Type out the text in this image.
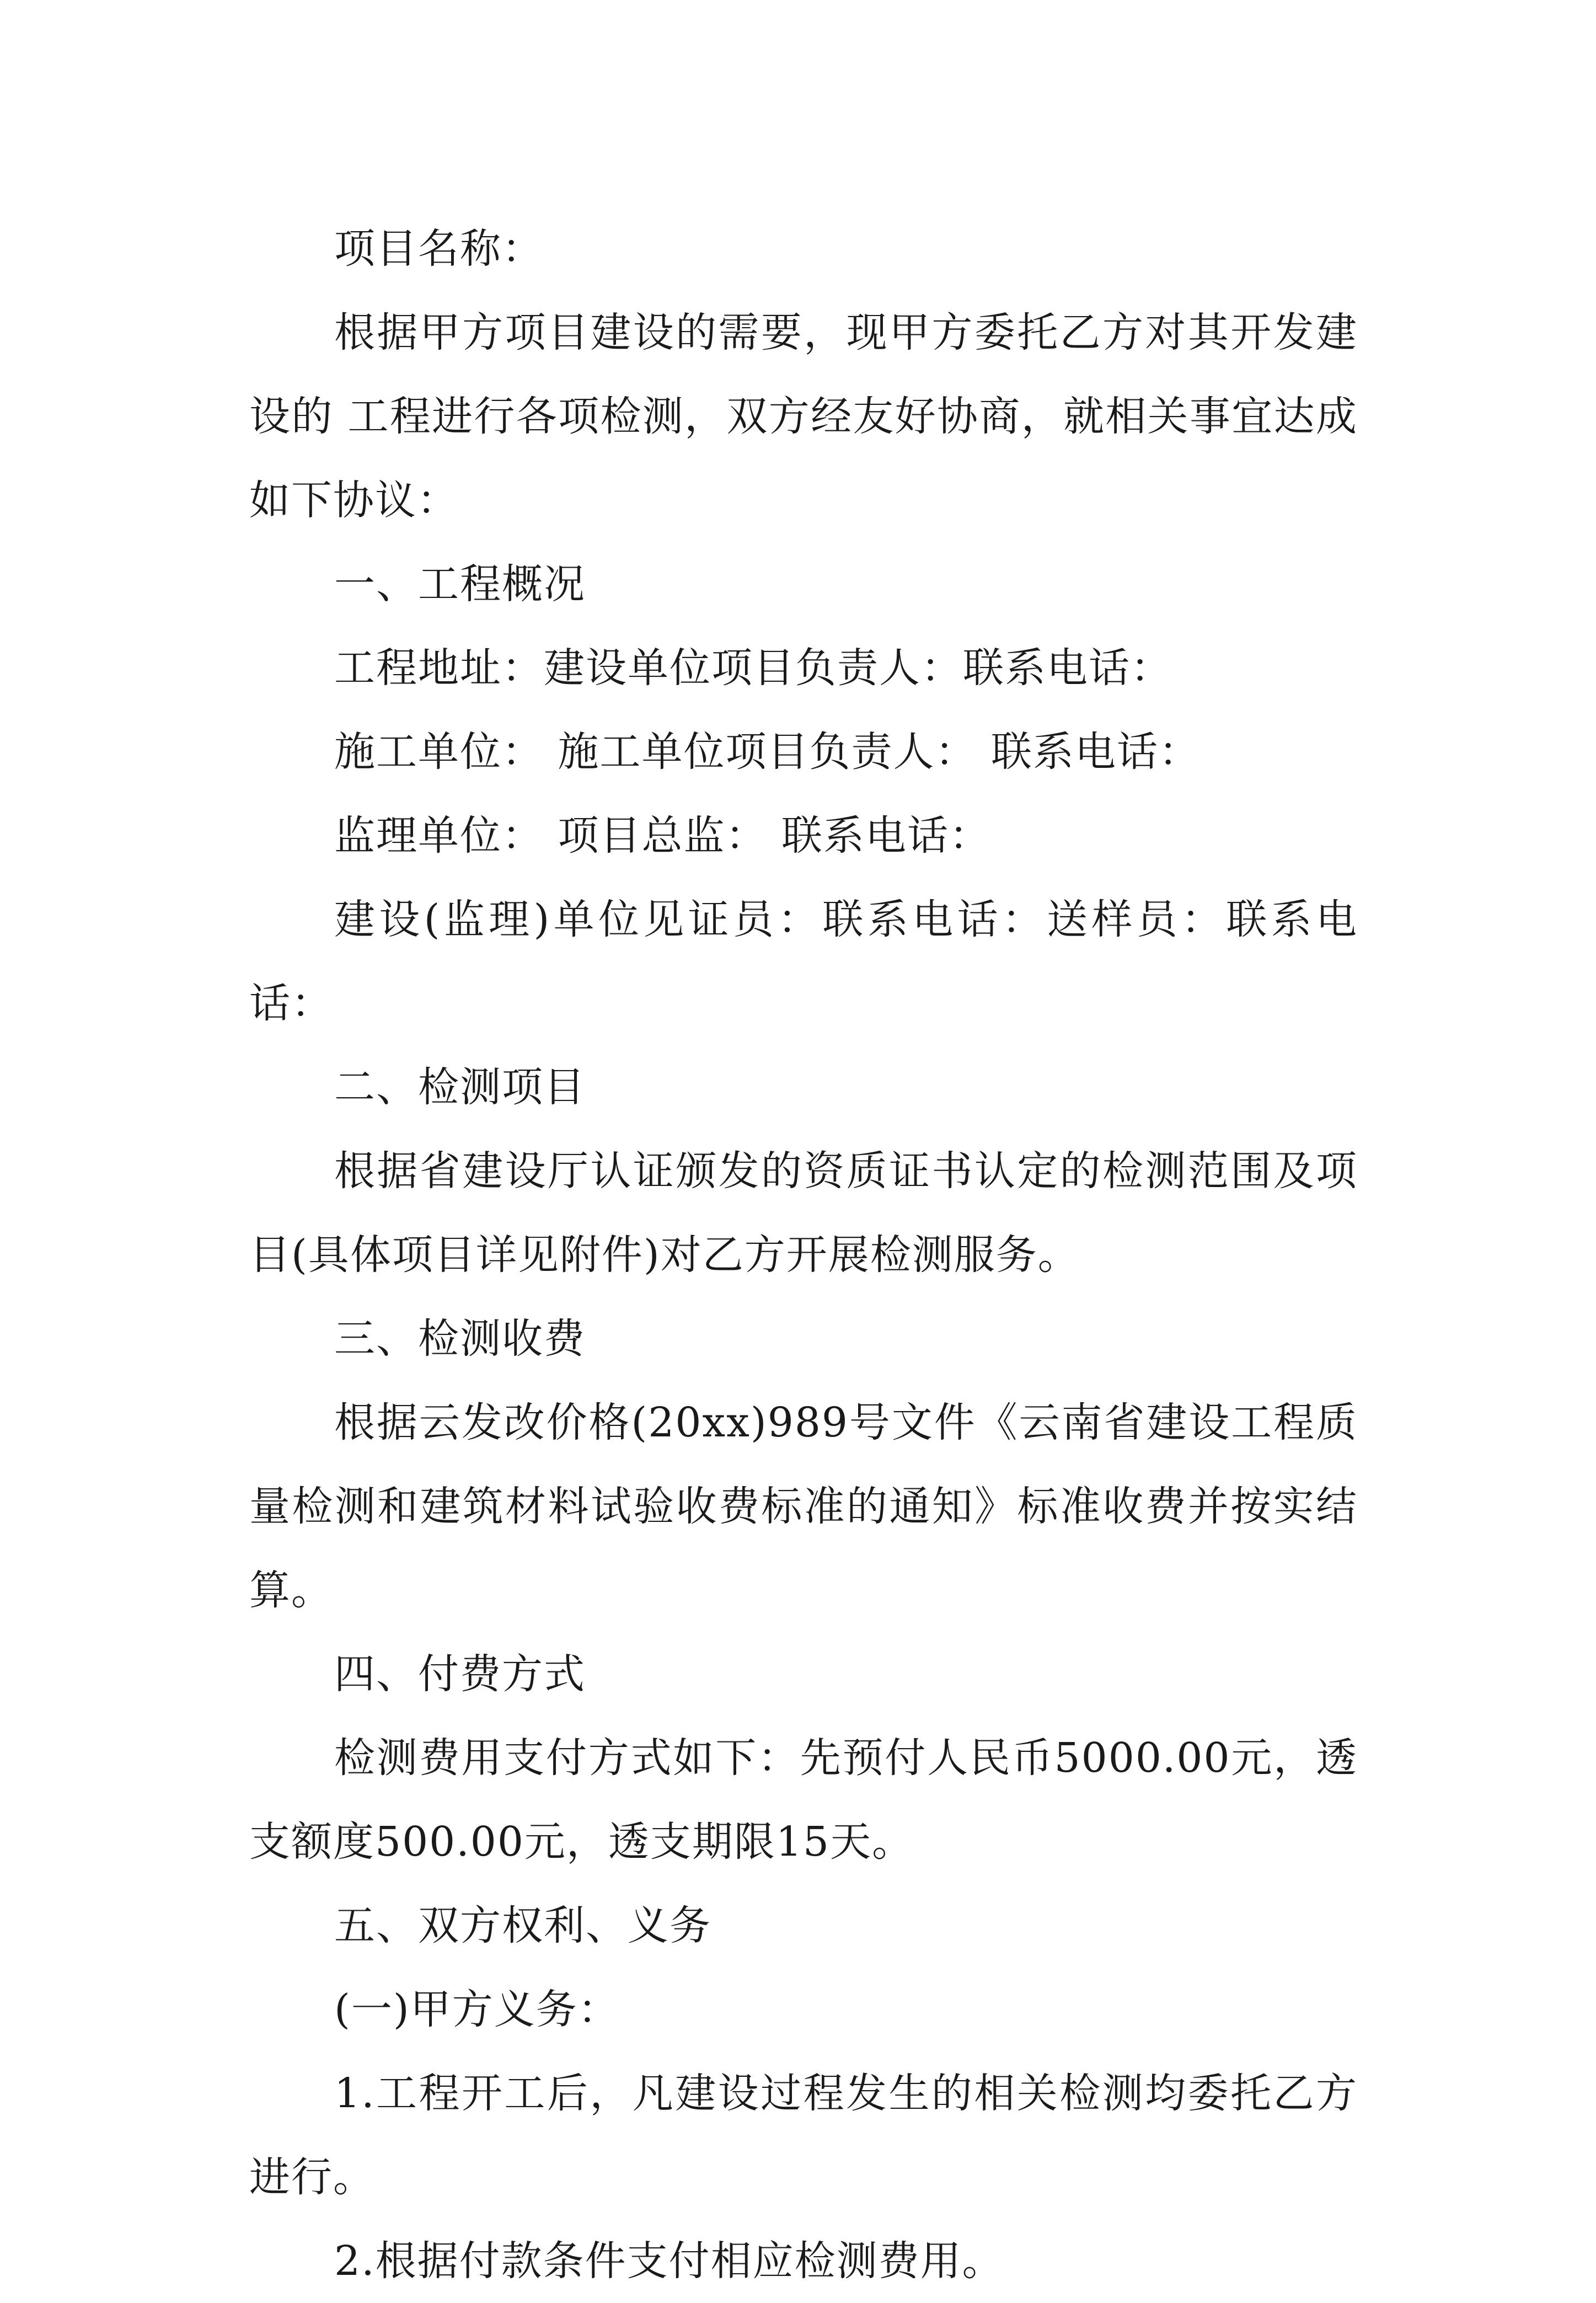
项目名称：

根据甲方项目建设的需要，现甲方委托乙方对其开发建设的 工程进行各项检测，双方经友好协商，就相关事宜达成如下协议：

一、工程概况

工程地址：建设单位项目负责人：联系电话：

施工单位： 施工单位项目负责人： 联系电话：

监理单位： 项目总监： 联系电话：

建设(监理)单位见证员：联系电话：送样员：联系电话：

二、检测项目

根据省建设厅认证颁发的资质证书认定的检测范围及项目(具体项目详见附件)对乙方开展检测服务。

三、检测收费

根据云发改价格(20xx)989号文件《云南省建设工程质量检测和建筑材料试验收费标准的通知》标准收费并按实结算。

四、付费方式

检测费用支付方式如下：先预付人民币5000.00元，透支额度500.00元，透支期限15天。

五、双方权利、义务

(一)甲方义务：

1.工程开工后，凡建设过程发生的相关检测均委托乙方进行。

2.根据付款条件支付相应检测费用。
